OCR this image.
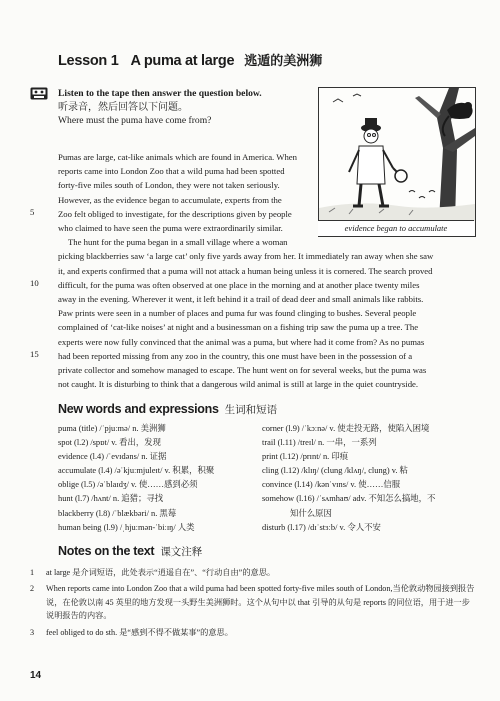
Lesson 1 A puma at large 逃遁的美洲狮
Listen to the tape then answer the question below.
听录音，然后回答以下问题。
Where must the puma have come from?
evidence began to accumulate
Pumas are large, cat-like animals which are found in America. When
reports came into London Zoo that a wild puma had been spotted
forty-five miles south of London, they were not taken seriously.
However, as the evidence began to accumulate, experts from the
Zoo felt obliged to investigate, for the descriptions given by people
who claimed to have seen the puma were extraordinarily similar.
The hunt for the puma began in a small village where a woman
picking blackberries saw ‘a large cat’ only five yards away from her. It immediately ran away when she saw
it, and experts confirmed that a puma will not attack a human being unless it is cornered. The search proved
difficult, for the puma was often observed at one place in the morning and at another place twenty miles
away in the evening. Wherever it went, it left behind it a trail of dead deer and small animals like rabbits.
Paw prints were seen in a number of places and puma fur was found clinging to bushes. Several people
complained of ‘cat-like noises’ at night and a businessman on a fishing trip saw the puma up a tree. The
experts were now fully convinced that the animal was a puma, but where had it come from? As no pumas
had been reported missing from any zoo in the country, this one must have been in the possession of a
private collector and somehow managed to escape. The hunt went on for several weeks, but the puma was
not caught. It is disturbing to think that a dangerous wild animal is still at large in the quiet countryside.
5
10
15
New words and expressions 生词和短语
puma (title) /ˈpjuːmə/ n. 美洲狮
spot (l.2) /spɒt/ v. 看出，发现
evidence (l.4) /ˈevɪdəns/ n. 证据
accumulate (l.4) /əˈkjuːmjuleɪt/ v. 积累，积聚
oblige (l.5) /əˈblaɪdʒ/ v. 使……感到必须
hunt (l.7) /hʌnt/ n. 追猎；寻找
blackberry (l.8) /ˈblækbəri/ n. 黑莓
human being (l.9) /ˌhjuːmən-ˈbiːɪŋ/ 人类
corner (l.9) /ˈkɔːnə/ v. 使走投无路，使陷入困境
trail (l.11) /treɪl/ n. 一串，一系列
print (l.12) /prɪnt/ n. 印痕
cling (l.12) /klɪŋ/ (clung /klʌŋ/, clung) v. 粘
convince (l.14) /kənˈvɪns/ v. 使……信服
somehow (l.16) /ˈsʌmhaʊ/ adv. 不知怎么搞地，不
知什么原因
disturb (l.17) /dɪˈstɜːb/ v. 令人不安
Notes on the text 课文注释
1 at large 是介词短语，此处表示“逍遥自在”、“行动自由”的意思。
2 When reports came into London Zoo that a wild puma had been spotted forty-five miles south of London,当伦敦动物园接到报告说，在伦敦以南 45 英里的地方发现一头野生美洲狮时。这个从句中以 that 引导的从句是 reports 的同位语，用于进一步说明报告的内容。
3 feel obliged to do sth. 是“感到不得不做某事”的意思。
14
